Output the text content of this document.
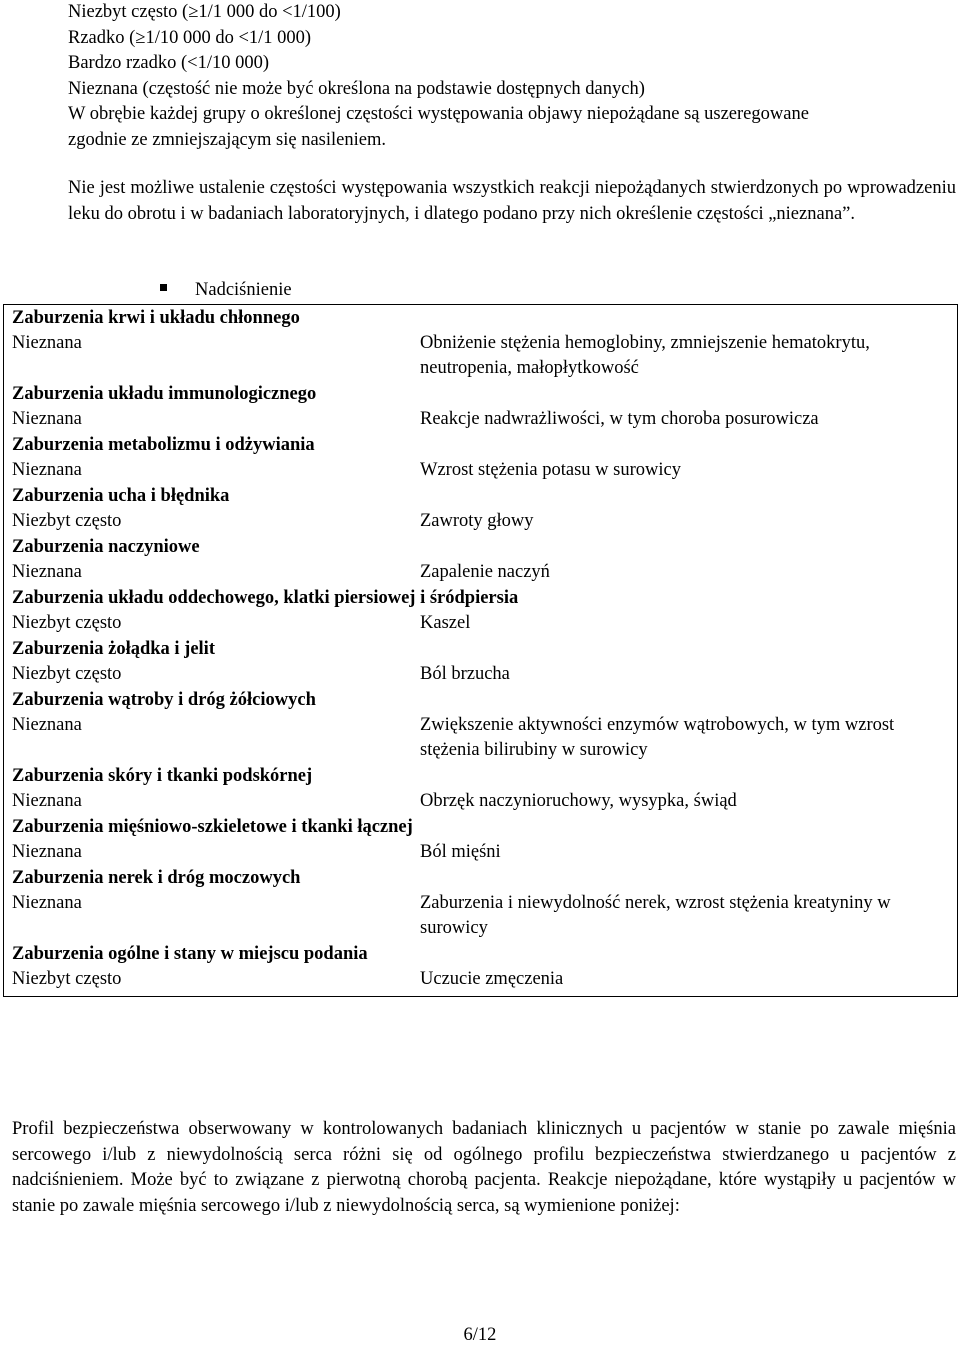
Niezbyt często (≥1/1 000 do <1/100)
Rzadko (≥1/10 000 do <1/1 000)
Bardzo rzadko (<1/10 000)
Nieznana (częstość nie może być określona na podstawie dostępnych danych)
W obrębie każdej grupy o określonej częstości występowania objawy niepożądane są uszeregowane
zgodnie ze zmniejszającym się nasileniem.
Nie jest możliwe ustalenie częstości występowania wszystkich reakcji niepożądanych stwierdzonych po wprowadzeniu leku do obrotu i w badaniach laboratoryjnych, i dlatego podano przy nich określenie częstości „nieznana”.
Nadciśnienie
Zaburzenia krwi i układu chłonnego	
Nieznana	Obniżenie stężenia hemoglobiny, zmniejszenie hematokrytu, neutropenia, małopłytkowość
Zaburzenia układu immunologicznego	
Nieznana	Reakcje nadwrażliwości, w tym choroba posurowicza
Zaburzenia metabolizmu i odżywiania	
Nieznana	Wzrost stężenia potasu w surowicy
Zaburzenia ucha i błędnika	
Niezbyt często	Zawroty głowy
Zaburzenia naczyniowe	
Nieznana	Zapalenie naczyń
Zaburzenia układu oddechowego, klatki piersiowej i śródpiersia	
Niezbyt często	Kaszel
Zaburzenia żołądka i jelit	
Niezbyt często	Ból brzucha
Zaburzenia wątroby i dróg żółciowych	
Nieznana	Zwiększenie aktywności enzymów wątrobowych, w tym wzrost stężenia bilirubiny w surowicy
Zaburzenia skóry i tkanki podskórnej	
Nieznana	Obrzęk naczynioruchowy, wysypka, świąd
Zaburzenia mięśniowo-szkieletowe i tkanki łącznej	
Nieznana	Ból mięśni
Zaburzenia nerek i dróg moczowych	
Nieznana	Zaburzenia i niewydolność nerek, wzrost stężenia kreatyniny w surowicy
Zaburzenia ogólne i stany w miejscu podania	
Niezbyt często	Uczucie zmęczenia
Profil bezpieczeństwa obserwowany w kontrolowanych badaniach klinicznych u pacjentów w stanie po zawale mięśnia sercowego i/lub z niewydolnością serca różni się od ogólnego profilu bezpieczeństwa stwierdzanego u pacjentów z nadciśnieniem. Może być to związane z pierwotną chorobą pacjenta. Reakcje niepożądane, które wystąpiły u pacjentów w stanie po zawale mięśnia sercowego i/lub z niewydolnością serca, są wymienione poniżej:
6/12
